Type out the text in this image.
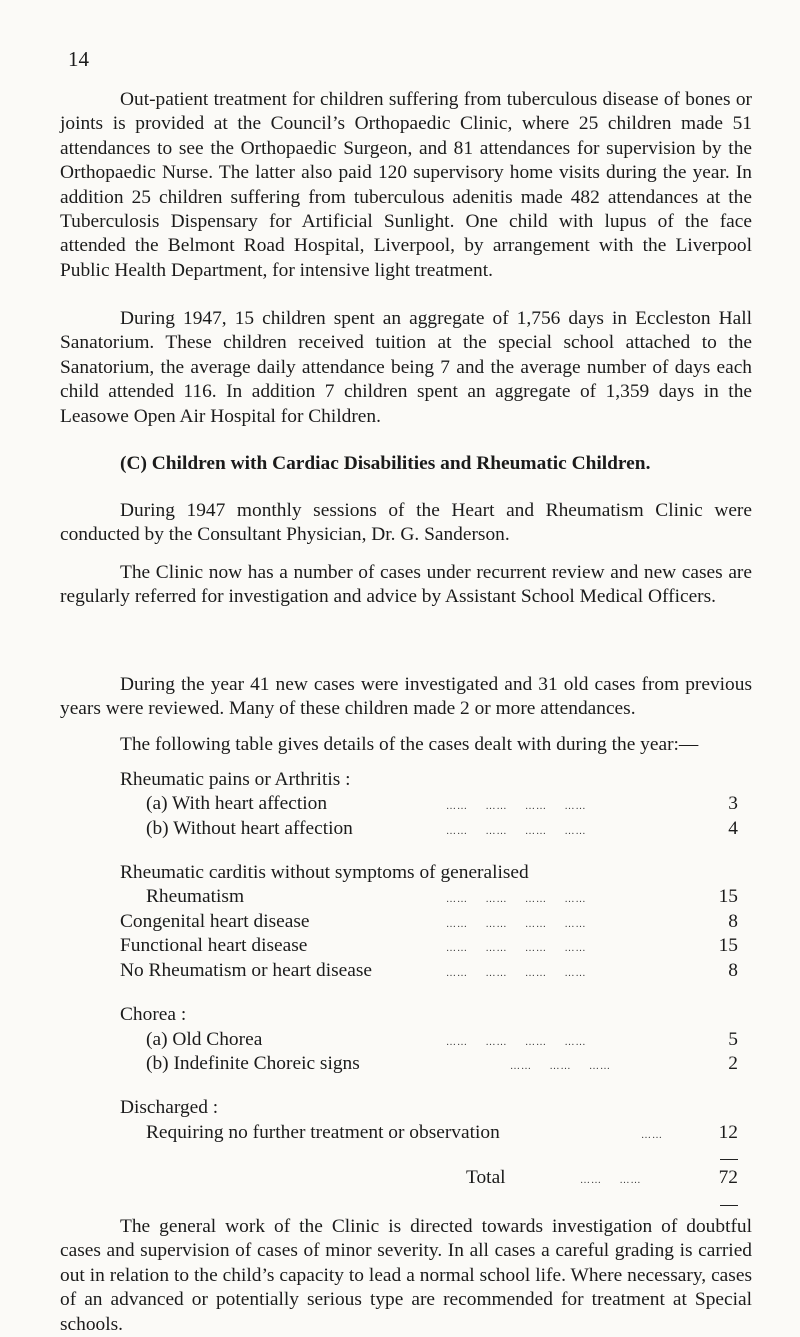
14

Out-patient treatment for children suffering from tuberculous disease of bones or joints is provided at the Council’s Orthopaedic Clinic, where 25 children made 51 attendances to see the Orthopaedic Surgeon, and 81 attendances for supervision by the Orthopaedic Nurse. The latter also paid 120 supervisory home visits during the year. In addition 25 children suffering from tuberculous adenitis made 482 attendances at the Tuberculosis Dispensary for Artificial Sunlight. One child with lupus of the face attended the Belmont Road Hospital, Liverpool, by arrangement with the Liverpool Public Health Department, for intensive light treatment.

During 1947, 15 children spent an aggregate of 1,756 days in Eccleston Hall Sanatorium. These children received tuition at the special school attached to the Sanatorium, the average daily attendance being 7 and the average number of days each child attended 116. In addition 7 children spent an aggregate of 1,359 days in the Leasowe Open Air Hospital for Children.

(C) Children with Cardiac Disabilities and Rheumatic Children.

During 1947 monthly sessions of the Heart and Rheumatism Clinic were conducted by the Consultant Physician, Dr. G. Sanderson.

The Clinic now has a number of cases under recurrent review and new cases are regularly referred for investigation and advice by Assistant School Medical Officers.

During the year 41 new cases were investigated and 31 old cases from previous years were reviewed. Many of these children made 2 or more attendances.

The following table gives details of the cases dealt with during the year:—

Rheumatic pains or Arthritis :
(a) With heart affection	……     ……     ……     ……	3
(b) Without heart affection	……     ……     ……     ……	4
Rheumatic carditis without symptoms of generalised
Rheumatism	……     ……     ……     ……	15
Congenital heart disease	……     ……     ……     ……	8
Functional heart disease	……     ……     ……     ……	15
No Rheumatism or heart disease	……     ……     ……     ……	8
Chorea :
(a) Old Chorea	……     ……     ……     ……	5
(b) Indefinite Choreic signs	……     ……     ……	2
Discharged :
Requiring no further treatment or observation	……	12
Total	……     ……	72

The general work of the Clinic is directed towards investigation of doubtful cases and supervision of cases of minor severity. In all cases a careful grading is carried out in relation to the child’s capacity to lead a normal school life. Where necessary, cases of an advanced or potentially serious type are recommended for treatment at Special schools.
